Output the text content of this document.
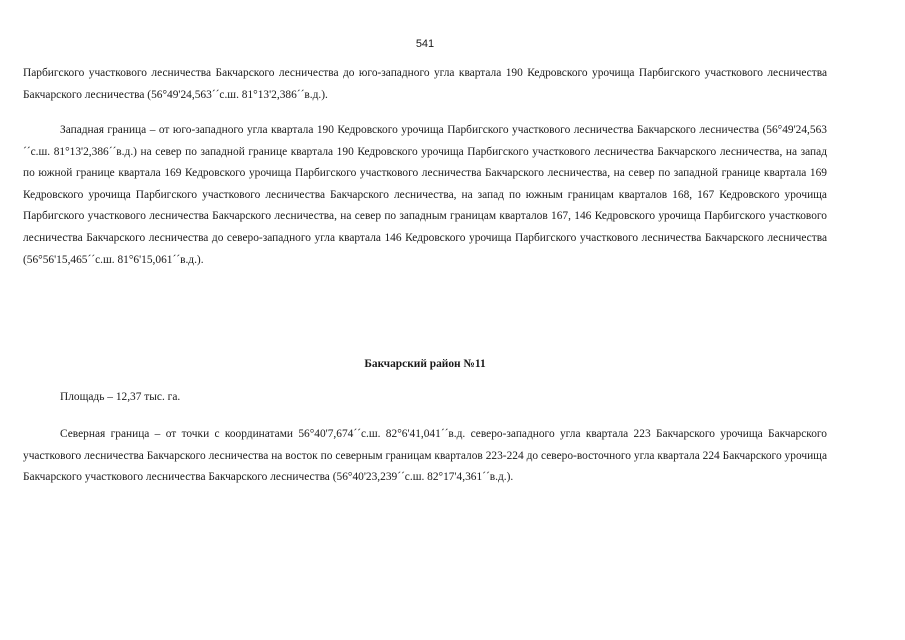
541

Парбигского участкового лесничества Бакчарского лесничества до юго-западного угла квартала 190 Кедровского урочища Парбигского участкового лесничества Бакчарского лесничества (56°49'24,563´´с.ш. 81°13'2,386´´в.д.).

Западная граница – от юго-западного угла квартала 190 Кедровского урочища Парбигского участкового лесничества Бакчарского лесничества (56°49'24,563´´с.ш. 81°13'2,386´´в.д.) на север по западной границе квартала 190 Кедровского урочища Парбигского участкового лесничества Бакчарского лесничества, на запад по южной границе квартала 169 Кедровского урочища Парбигского участкового лесничества Бакчарского лесничества, на север по западной границе квартала 169 Кедровского урочища Парбигского участкового лесничества Бакчарского лесничества, на запад по южным границам кварталов 168, 167 Кедровского урочища Парбигского участкового лесничества Бакчарского лесничества, на север по западным границам кварталов 167, 146 Кедровского урочища Парбигского участкового лесничества Бакчарского лесничества до северо-западного угла квартала 146 Кедровского урочища Парбигского участкового лесничества Бакчарского лесничества (56°56'15,465´´с.ш. 81°6'15,061´´в.д.).

Бакчарский район №11

Площадь – 12,37 тыс. га.

Северная граница – от точки с координатами 56°40'7,674´´с.ш. 82°6'41,041´´в.д. северо-западного угла квартала 223 Бакчарского урочища Бакчарского участкового лесничества Бакчарского лесничества на восток по северным границам кварталов 223-224 до северо-восточного угла квартала 224 Бакчарского урочища Бакчарского участкового лесничества Бакчарского лесничества (56°40'23,239´´с.ш. 82°17'4,361´´в.д.).
